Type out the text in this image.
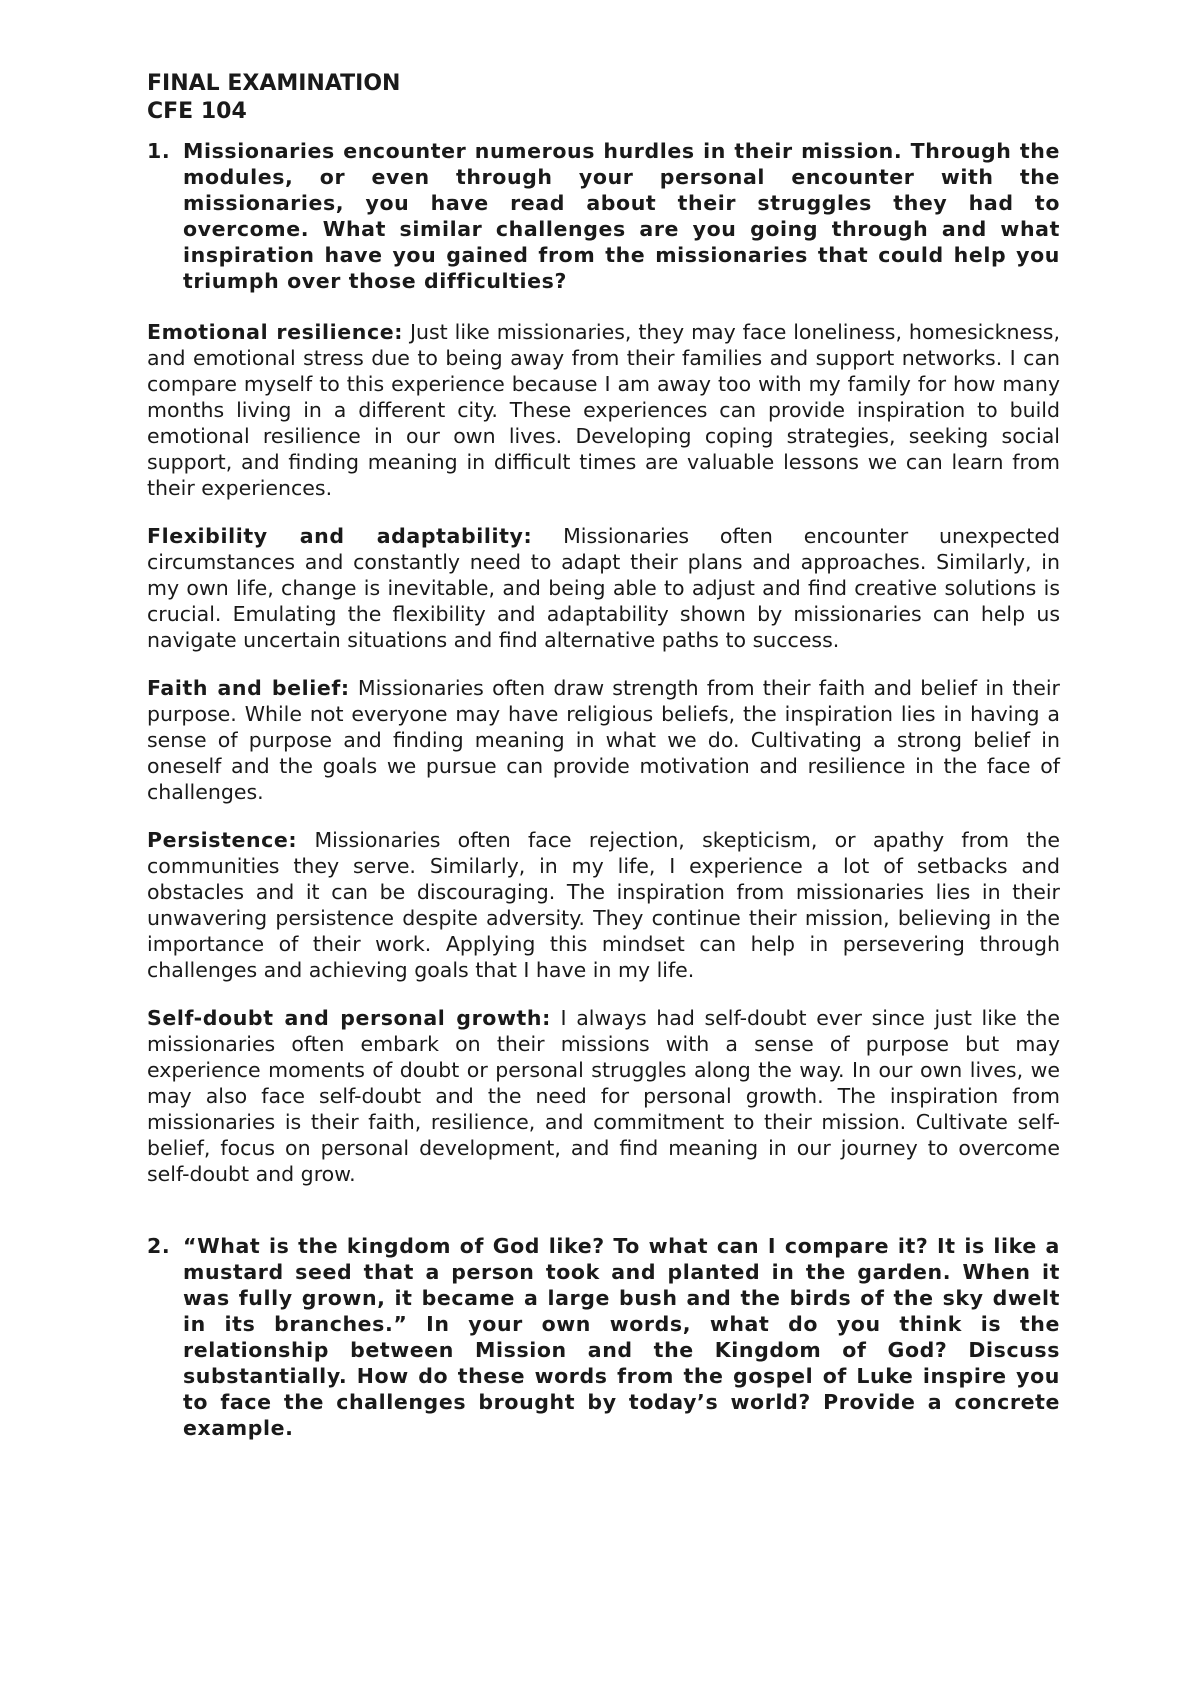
FINAL EXAMINATION
CFE 104
1. Missionaries encounter numerous hurdles in their mission. Through the modules, or even through your personal encounter with the missionaries, you have read about their struggles they had to overcome. What similar challenges are you going through and what inspiration have you gained from the missionaries that could help you triumph over those difficulties?

Emotional resilience: Just like missionaries, they may face loneliness, homesickness, and emotional stress due to being away from their families and support networks. I can compare myself to this experience because I am away too with my family for how many months living in a different city. These experiences can provide inspiration to build emotional resilience in our own lives. Developing coping strategies, seeking social support, and finding meaning in difficult times are valuable lessons we can learn from their experiences.

Flexibility and adaptability: Missionaries often encounter unexpected circumstances and constantly need to adapt their plans and approaches. Similarly, in my own life, change is inevitable, and being able to adjust and find creative solutions is crucial. Emulating the flexibility and adaptability shown by missionaries can help us navigate uncertain situations and find alternative paths to success.

Faith and belief: Missionaries often draw strength from their faith and belief in their purpose. While not everyone may have religious beliefs, the inspiration lies in having a sense of purpose and finding meaning in what we do. Cultivating a strong belief in oneself and the goals we pursue can provide motivation and resilience in the face of challenges.

Persistence: Missionaries often face rejection, skepticism, or apathy from the communities they serve. Similarly, in my life, I experience a lot of setbacks and obstacles and it can be discouraging. The inspiration from missionaries lies in their unwavering persistence despite adversity. They continue their mission, believing in the importance of their work. Applying this mindset can help in persevering through challenges and achieving goals that I have in my life.

Self-doubt and personal growth: I always had self-doubt ever since just like the missionaries often embark on their missions with a sense of purpose but may experience moments of doubt or personal struggles along the way. In our own lives, we may also face self-doubt and the need for personal growth. The inspiration from missionaries is their faith, resilience, and commitment to their mission. Cultivate self-belief, focus on personal development, and find meaning in our journey to overcome self-doubt and grow.

2. “What is the kingdom of God like? To what can I compare it? It is like a mustard seed that a person took and planted in the garden. When it was fully grown, it became a large bush and the birds of the sky dwelt in its branches.” In your own words, what do you think is the relationship between Mission and the Kingdom of God? Discuss substantially. How do these words from the gospel of Luke inspire you to face the challenges brought by today’s world? Provide a concrete example.
